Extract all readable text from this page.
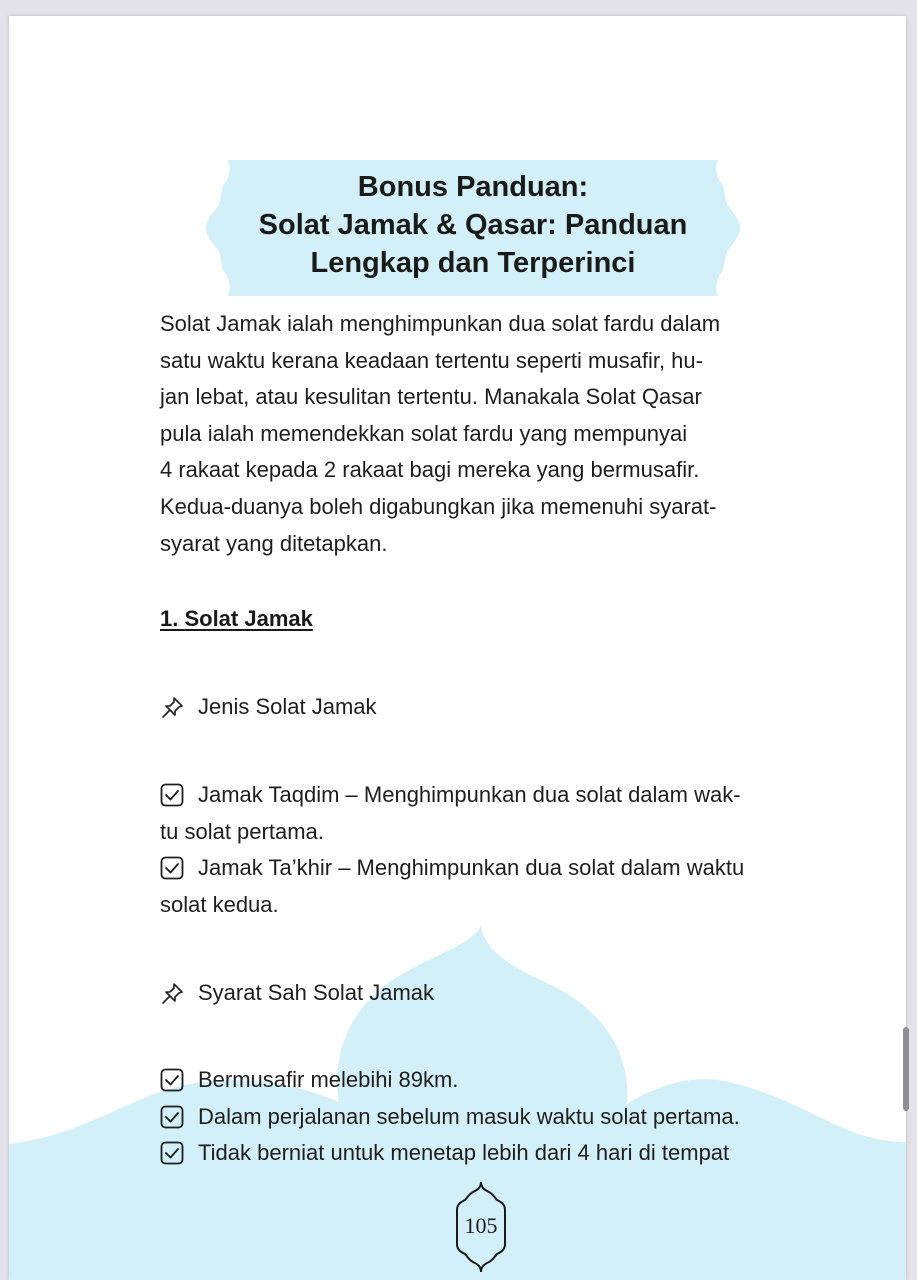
Bonus Panduan:
Solat Jamak & Qasar: Panduan
Lengkap dan Terperinci
Solat Jamak ialah menghimpunkan dua solat fardu dalam
satu waktu kerana keadaan tertentu seperti musafir, hu-
jan lebat, atau kesulitan tertentu. Manakala Solat Qasar
pula ialah memendekkan solat fardu yang mempunyai
4 rakaat kepada 2 rakaat bagi mereka yang bermusafir.
Kedua-duanya boleh digabungkan jika memenuhi syarat-
syarat yang ditetapkan.
1. Solat Jamak
Jenis Solat Jamak
Jamak Taqdim – Menghimpunkan dua solat dalam wak-
tu solat pertama.
Jamak Ta’khir – Menghimpunkan dua solat dalam waktu
solat kedua.
Syarat Sah Solat Jamak
Bermusafir melebihi 89km.
Dalam perjalanan sebelum masuk waktu solat pertama.
Tidak berniat untuk menetap lebih dari 4 hari di tempat
105
